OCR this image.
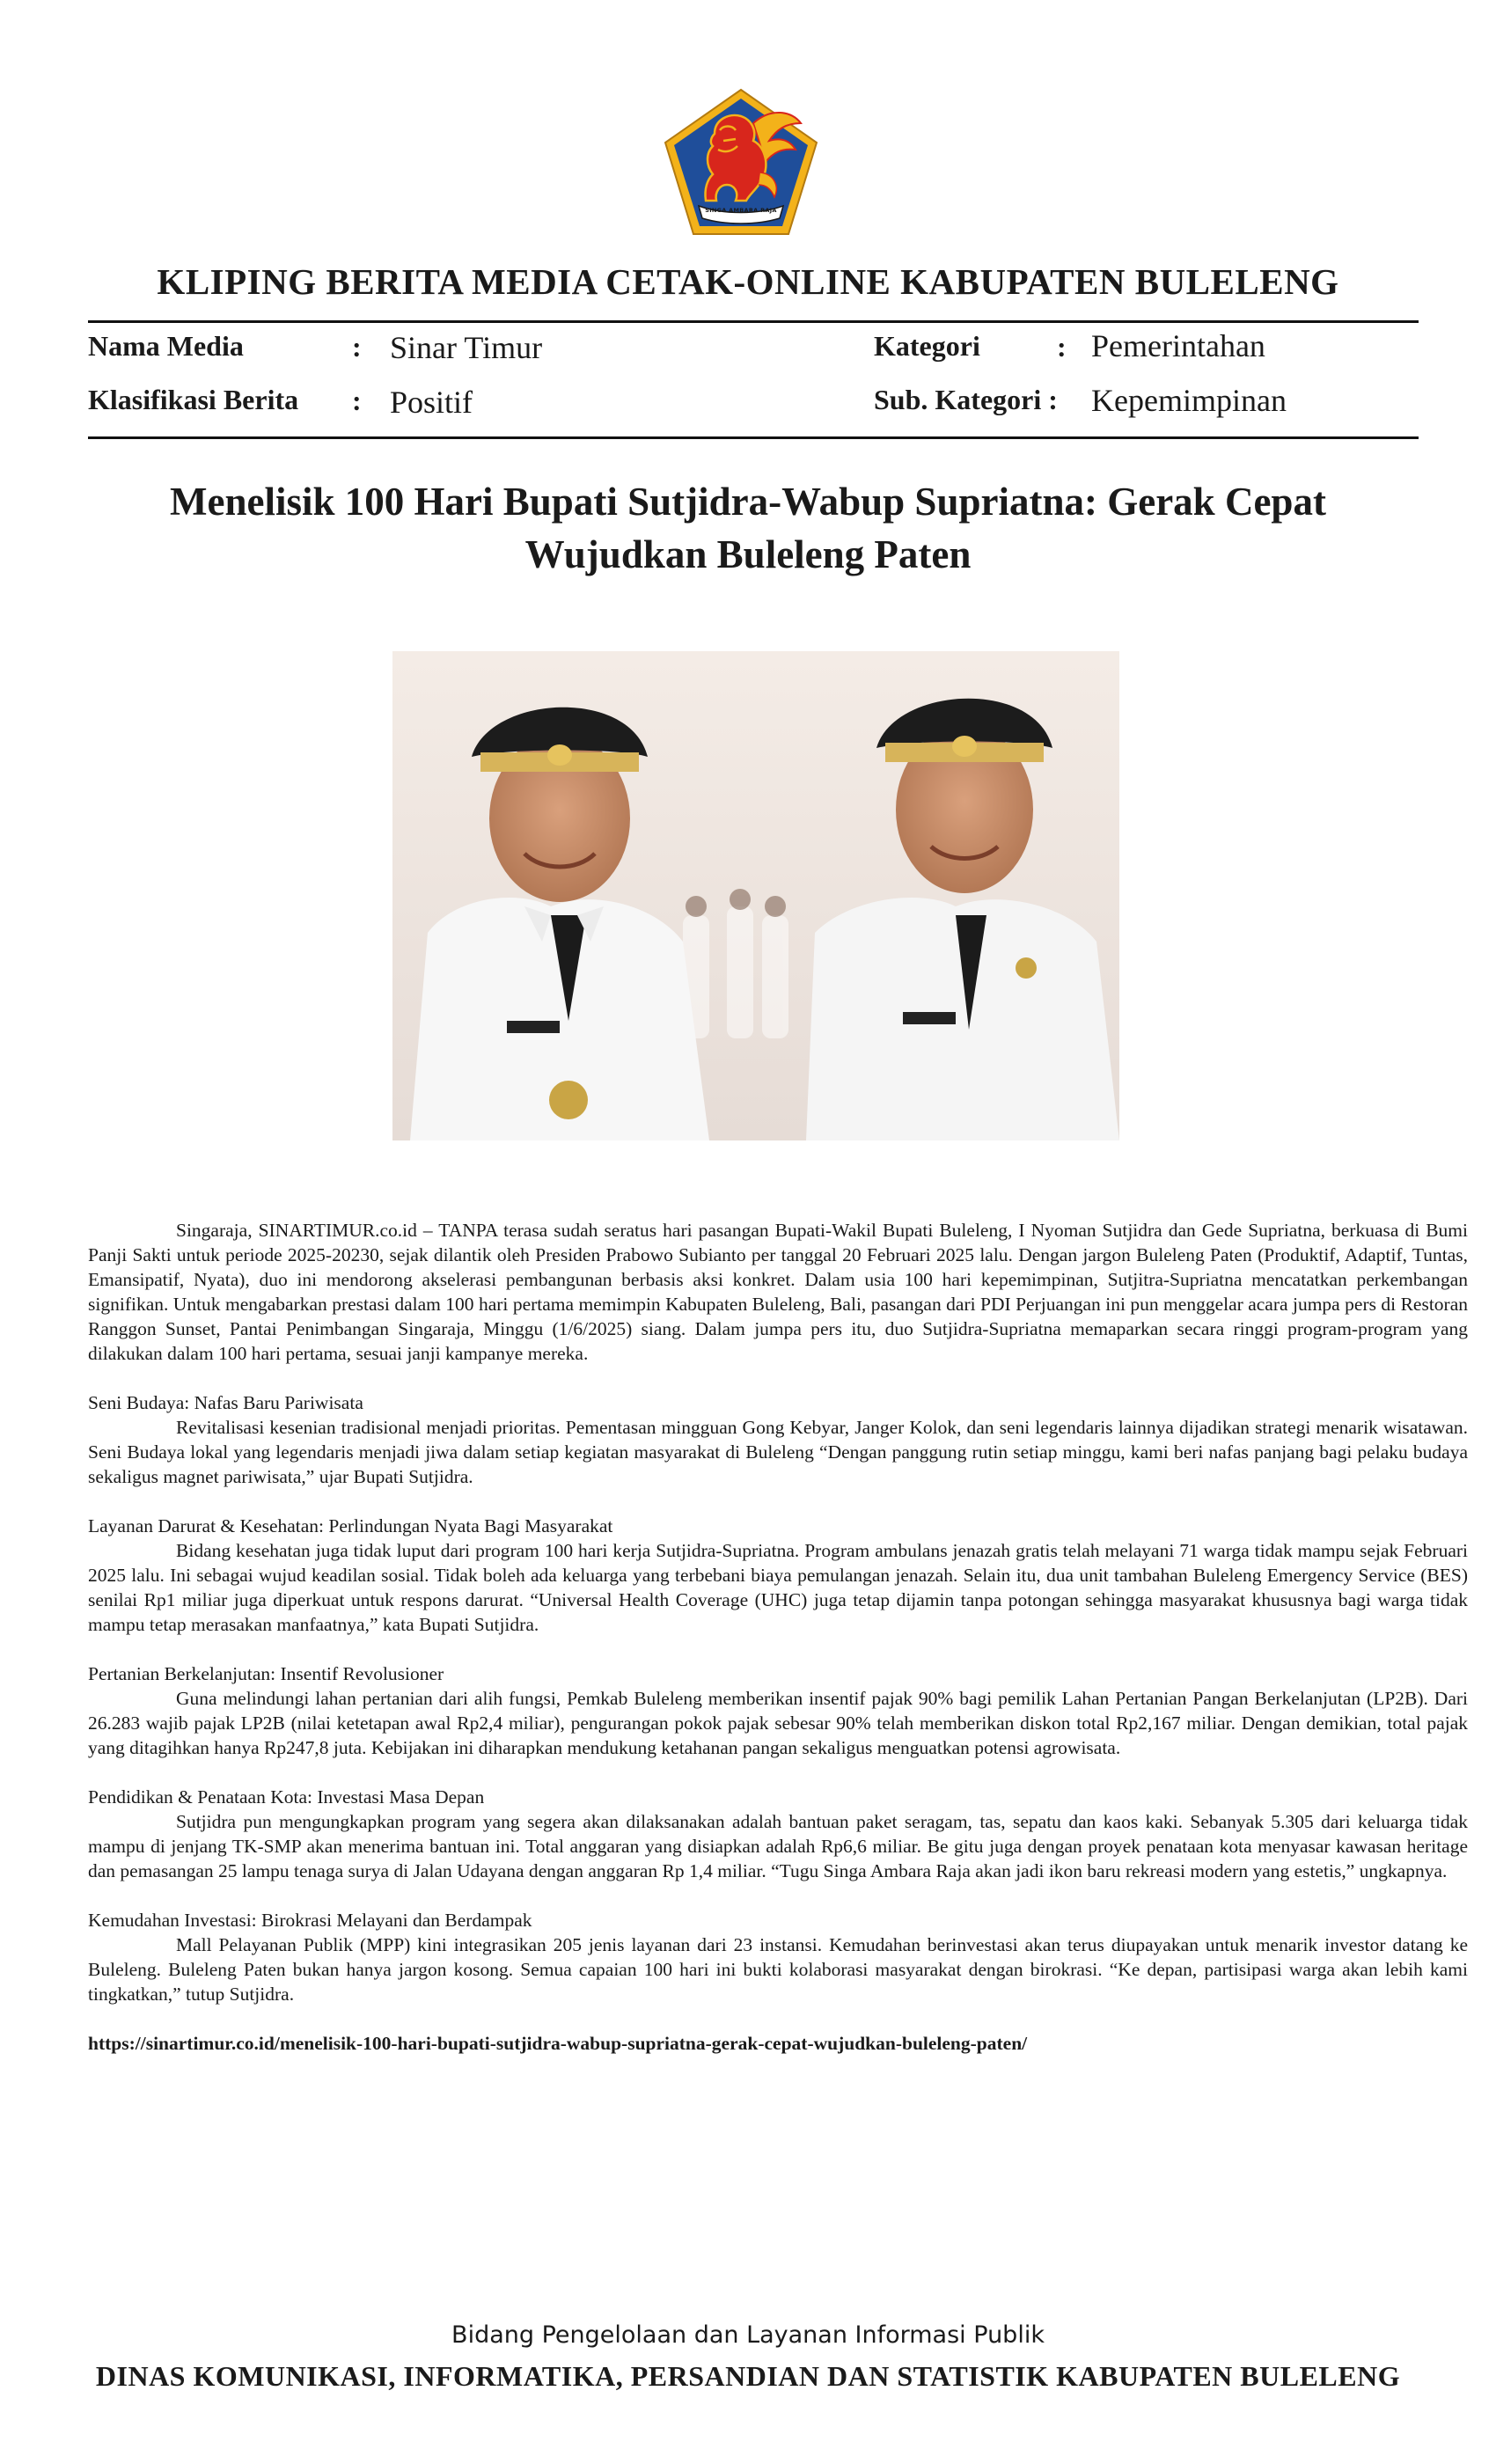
SINGA AMBARA RAJA
KLIPING BERITA MEDIA CETAK-ONLINE KABUPATEN BULELENG
Nama Media	: Sinar Timur
Klasifikasi Berita : Positif
Kategori	: Pemerintahan
Sub. Kategori : Kepemimpinan
Menelisik 100 Hari Bupati Sutjidra-Wabup Supriatna: Gerak Cepat Wujudkan Buleleng Paten

Singaraja, SINARTIMUR.co.id – TANPA terasa sudah seratus hari pasangan Bupati-Wakil Bupati Buleleng, I Nyoman Sutjidra dan Gede Supriatna, berkuasa di Bumi Panji Sakti untuk periode 2025-20230, sejak dilantik oleh Presiden Prabowo Subianto per tanggal 20 Februari 2025 lalu. Dengan jargon Buleleng Paten (Produktif, Adaptif, Tuntas, Emansipatif, Nyata), duo ini mendorong akselerasi pembangunan berbasis aksi konkret. Dalam usia 100 hari kepemimpinan, Sutjitra-Supriatna mencatatkan perkembangan signifikan. Untuk mengabarkan prestasi dalam 100 hari pertama memimpin Kabupaten Buleleng, Bali, pasangan dari PDI Perjuangan ini pun menggelar acara jumpa pers di Restoran Ranggon Sunset, Pantai Penimbangan Singaraja, Minggu (1/6/2025) siang. Dalam jumpa pers itu, duo Sutjidra-Supriatna memaparkan secara ringgi program-program yang dilakukan dalam 100 hari pertama, sesuai janji kampanye mereka.

Seni Budaya: Nafas Baru Pariwisata

Revitalisasi kesenian tradisional menjadi prioritas. Pementasan mingguan Gong Kebyar, Janger Kolok, dan seni legendaris lainnya dijadikan strategi menarik wisatawan. Seni Budaya lokal yang legendaris menjadi jiwa dalam setiap kegiatan masyarakat di Buleleng “Dengan panggung rutin setiap minggu, kami beri nafas panjang bagi pelaku budaya sekaligus magnet pariwisata,” ujar Bupati Sutjidra.

Layanan Darurat & Kesehatan: Perlindungan Nyata Bagi Masyarakat

Bidang kesehatan juga tidak luput dari program 100 hari kerja Sutjidra-Supriatna. Program ambulans jenazah gratis telah melayani 71 warga tidak mampu sejak Februari 2025 lalu. Ini sebagai wujud keadilan sosial. Tidak boleh ada keluarga yang terbebani biaya pemulangan jenazah. Selain itu, dua unit tambahan Buleleng Emergency Service (BES) senilai Rp1 miliar juga diperkuat untuk respons darurat. “Universal Health Coverage (UHC) juga tetap dijamin tanpa potongan sehingga masyarakat khususnya bagi warga tidak mampu tetap merasakan manfaatnya,” kata Bupati Sutjidra.

Pertanian Berkelanjutan: Insentif Revolusioner

Guna melindungi lahan pertanian dari alih fungsi, Pemkab Buleleng memberikan insentif pajak 90% bagi pemilik Lahan Pertanian Pangan Berkelanjutan (LP2B). Dari 26.283 wajib pajak LP2B (nilai ketetapan awal Rp2,4 miliar), pengurangan pokok pajak sebesar 90% telah memberikan diskon total Rp2,167 miliar. Dengan demikian, total pajak yang ditagihkan hanya Rp247,8 juta. Kebijakan ini diharapkan mendukung ketahanan pangan sekaligus menguatkan potensi agrowisata.

Pendidikan & Penataan Kota: Investasi Masa Depan

Sutjidra pun mengungkapkan program yang segera akan dilaksanakan adalah bantuan paket seragam, tas, sepatu dan kaos kaki. Sebanyak 5.305 dari keluarga tidak mampu di jenjang TK-SMP akan menerima bantuan ini. Total anggaran yang disiapkan adalah Rp6,6 miliar. Be gitu juga dengan proyek penataan kota menyasar kawasan heritage dan pemasangan 25 lampu tenaga surya di Jalan Udayana dengan anggaran Rp 1,4 miliar. “Tugu Singa Ambara Raja akan jadi ikon baru rekreasi modern yang estetis,” ungkapnya.

Kemudahan Investasi: Birokrasi Melayani dan Berdampak

Mall Pelayanan Publik (MPP) kini integrasikan 205 jenis layanan dari 23 instansi. Kemudahan berinvestasi akan terus diupayakan untuk menarik investor datang ke Buleleng. Buleleng Paten bukan hanya jargon kosong. Semua capaian 100 hari ini bukti kolaborasi masyarakat dengan birokrasi. “Ke depan, partisipasi warga akan lebih kami tingkatkan,” tutup Sutjidra.

https://sinartimur.co.id/menelisik-100-hari-bupati-sutjidra-wabup-supriatna-gerak-cepat-wujudkan-buleleng-paten/

Bidang Pengelolaan dan Layanan Informasi Publik
DINAS KOMUNIKASI, INFORMATIKA, PERSANDIAN DAN STATISTIK KABUPATEN BULELENG
